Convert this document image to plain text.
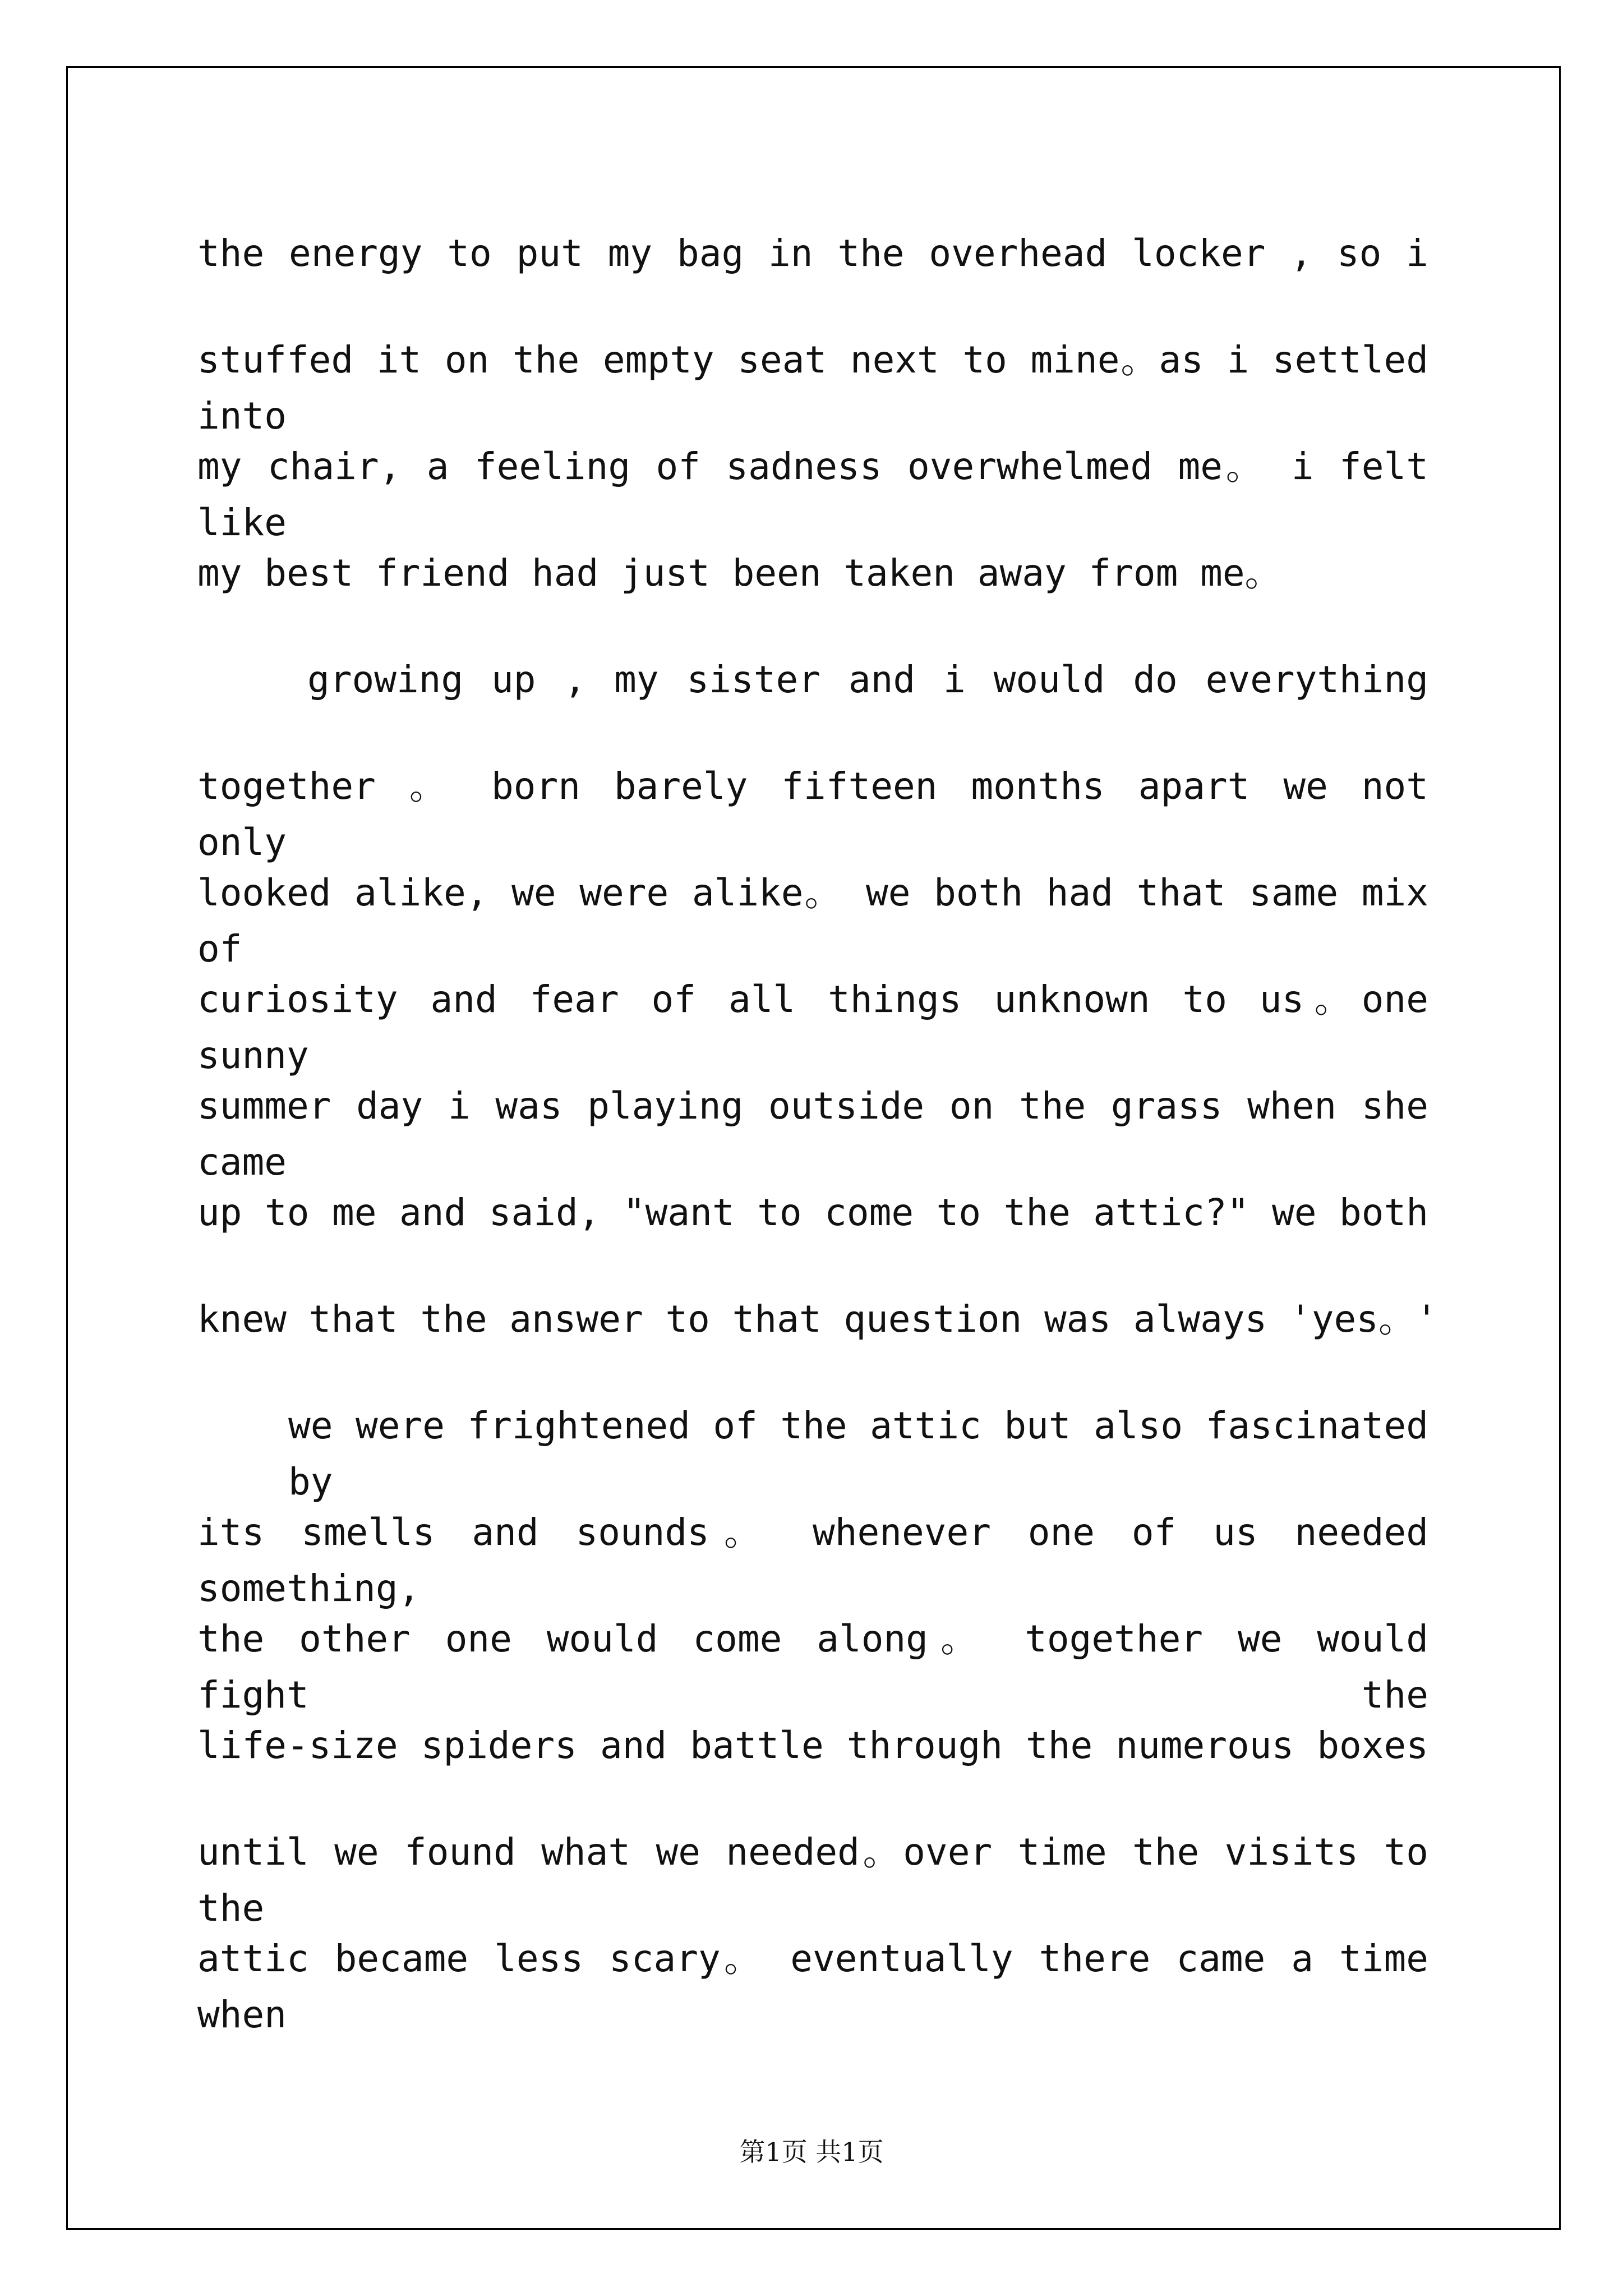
the energy to put my bag in the overhead locker , so i
stuffed it on the empty seat next to mine。as i settled into
my chair, a feeling of sadness overwhelmed me。 i felt like
my best friend had just been taken away from me。
growing up , my sister and i would do everything
together 。 born barely fifteen months apart we not only
looked alike, we were alike。 we both had that same mix of
curiosity and fear of all things unknown to us。one sunny
summer day i was playing outside on the grass when she came
up to me and said, "want to come to the attic?" we both
knew that the answer to that question was always 'yes。'
we were frightened of the attic but also fascinated by
its smells and sounds。 whenever one of us needed something,
the other one would come along。 together we would fight the
life-size spiders and battle through the numerous boxes
until we found what we needed。over time the visits to the
attic became less scary。 eventually there came a time when
第1页 共1页
